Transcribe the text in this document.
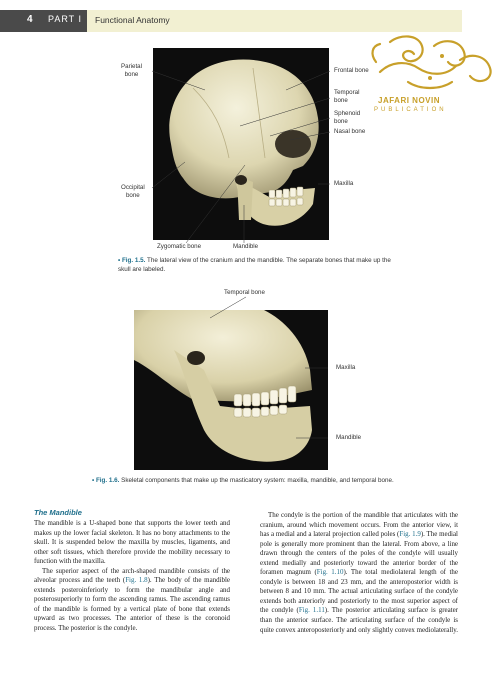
4 PART I Functional Anatomy
JAFARI NOVIN
PUBLICATION
Parietal
bone
Frontal bone
Temporal
bone
Sphenoid
bone
Nasal bone
Maxilla
Occipital
bone
Zygomatic bone	Mandible

• Fig. 1.5. The lateral view of the cranium and the mandible. The separate bones that make up the skull are labeled.

Temporal bone
Maxilla
Mandible

• Fig. 1.6. Skeletal components that make up the masticatory system: maxilla, mandible, and temporal bone.

The Mandible

The mandible is a U-shaped bone that supports the lower teeth and makes up the lower facial skeleton. It has no bony attachments to the skull. It is suspended below the maxilla by muscles, ligaments, and other soft tissues, which therefore provide the mobility necessary to function with the maxilla.

The superior aspect of the arch-shaped mandible consists of the alveolar process and the teeth (Fig. 1.8). The body of the mandible extends posteroinferiorly to form the mandibular angle and posterosuperiorly to form the ascending ramus. The ascending ramus of the mandible is formed by a vertical plate of bone that extends upward as two processes. The anterior of these is the coronoid process. The posterior is the condyle.

The condyle is the portion of the mandible that articulates with the cranium, around which movement occurs. From the anterior view, it has a medial and a lateral projection called poles (Fig. 1.9). The medial pole is generally more prominent than the lateral. From above, a line drawn through the centers of the poles of the condyle will usually extend medially and posteriorly toward the anterior border of the foramen magnum (Fig. 1.10). The total mediolateral length of the condyle is between 18 and 23 mm, and the anteroposterior width is between 8 and 10 mm. The actual articulating surface of the condyle extends both anteriorly and posteriorly to the most superior aspect of the condyle (Fig. 1.11). The posterior articulating surface is greater than the anterior surface. The articulating surface of the condyle is quite convex anteroposteriorly and only slightly convex mediolaterally.
